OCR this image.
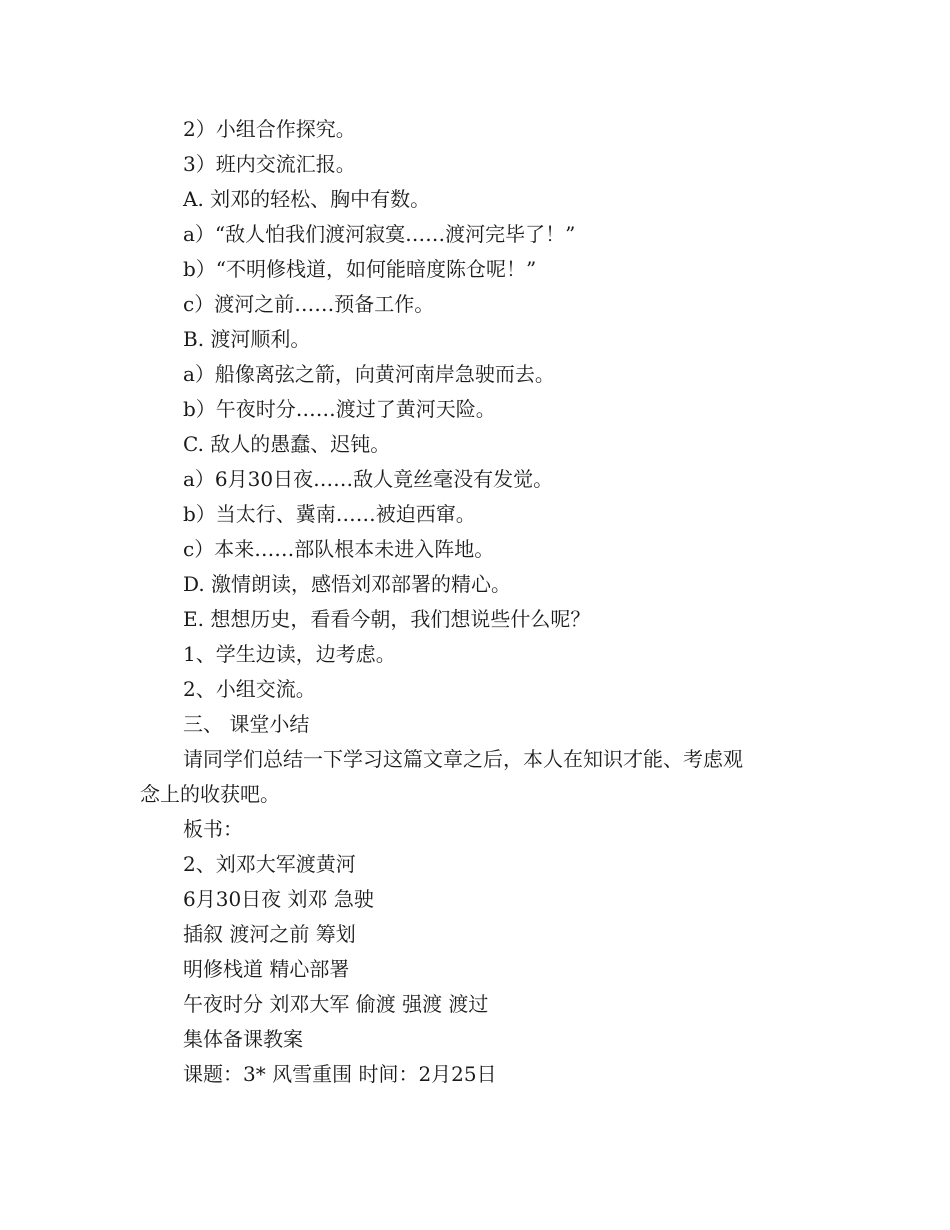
2）小组合作探究。
3）班内交流汇报。
A. 刘邓的轻松、胸中有数。
a）“敌人怕我们渡河寂寞……渡河完毕了！”
b）“不明修栈道，如何能暗度陈仓呢！”
c）渡河之前……预备工作。
B. 渡河顺利。
a）船像离弦之箭，向黄河南岸急驶而去。
b）午夜时分……渡过了黄河天险。
C. 敌人的愚蠢、迟钝。
a）6月30日夜……敌人竟丝毫没有发觉。
b）当太行、冀南……被迫西窜。
c）本来……部队根本未进入阵地。
D. 激情朗读，感悟刘邓部署的精心。
E. 想想历史，看看今朝，我们想说些什么呢？
1、学生边读，边考虑。
2、小组交流。
三、 课堂小结
请同学们总结一下学习这篇文章之后，本人在知识才能、考虑观
念上的收获吧。
板书：
2、刘邓大军渡黄河
6月30日夜 刘邓 急驶
插叙 渡河之前 筹划
明修栈道 精心部署
午夜时分 刘邓大军 偷渡 强渡 渡过
集体备课教案
课题：3* 风雪重围 时间：2月25日
